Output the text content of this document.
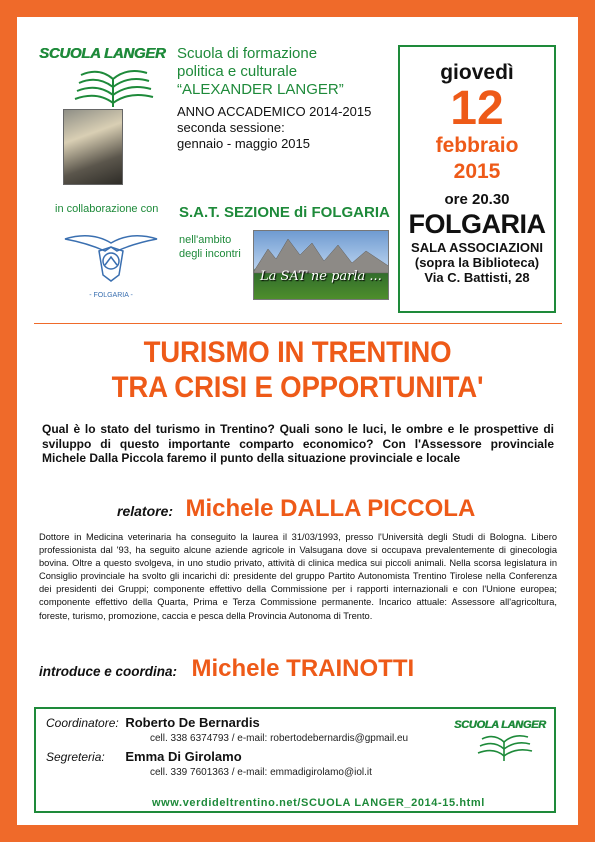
SCUOLA LANGER Scuola di formazione
politica e culturale
“ALEXANDER LANGER”
ANNO ACCADEMICO 2014-2015
seconda sessione:
gennaio - maggio 2015
in collaborazione con
- FOLGARIA -
S.A.T. SEZIONE di FOLGARIA
nell'ambito
degli incontri
La SAT ne parla ...
giovedì
12
febbraio
2015
ore 20.30
FOLGARIA
SALA ASSOCIAZIONI
(sopra la Biblioteca)
Via C. Battisti, 28
TURISMO IN TRENTINO
TRA CRISI E OPPORTUNITA'

Qual è lo stato del turismo in Trentino? Quali sono le luci, le ombre e le prospettive di sviluppo di questo importante comparto economico? Con l'Assessore provinciale Michele Dalla Piccola faremo il punto della situazione provinciale e locale

relatore: Michele DALLA PICCOLA

Dottore in Medicina veterinaria ha conseguito la laurea il 31/03/1993, presso l'Università degli Studi di Bologna. Libero professionista dal '93, ha seguito alcune aziende agricole in Valsugana dove si occupava prevalentemente di ginecologia bovina. Oltre a questo svolgeva, in uno studio privato, attività di clinica medica sui piccoli animali. Nella scorsa legislatura in Consiglio provinciale ha svolto gli incarichi di: presidente del gruppo Partito Autonomista Trentino Tirolese nella Conferenza dei presidenti dei Gruppi; componente effettivo della Commissione per i rapporti internazionali e con l'Unione europea; componente effettivo della Quarta, Prima e Terza Commissione permanente. Incarico attuale: Assessore all'agricoltura, foreste, turismo, promozione, caccia e pesca della Provincia Autonoma di Trento.

introduce e coordina: Michele TRAINOTTI
Coordinatore: Roberto De Bernardis
cell. 338 6374793 / e-mail: robertodebernardis@gpmail.eu
Segreteria: Emma Di Girolamo
cell. 339 7601363 / e-mail: emmadigirolamo@iol.it
www.verdideltrentino.net/SCUOLA LANGER_2014-15.html
SCUOLA LANGER
